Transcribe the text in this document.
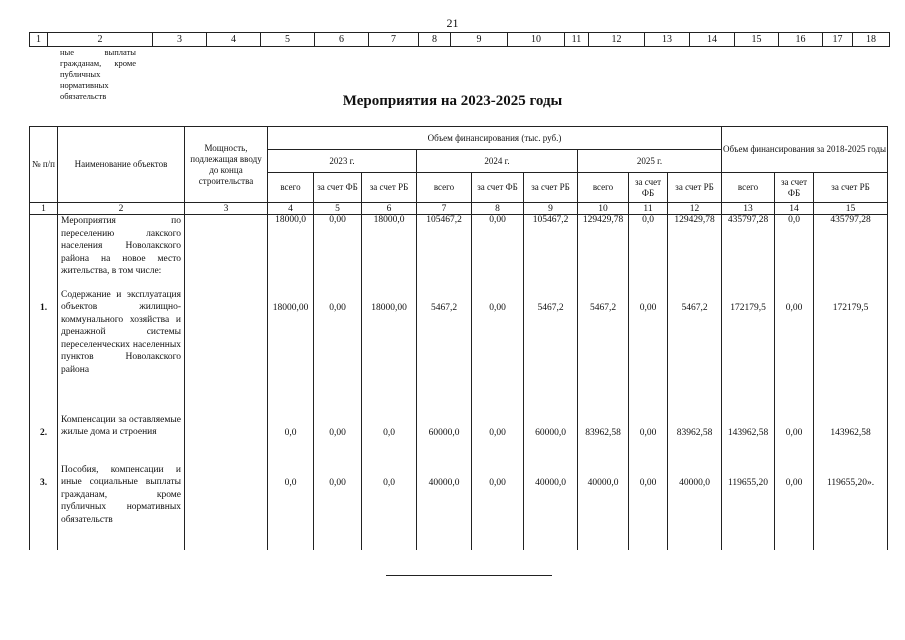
21
1	2	3	4	5	6	7	8	9	10	11	12	13	14	15	16	17	18
ные выплаты гражданам, кроме публичных нормативных обязательств	Мероприятия на 2023-2025 годы
№ п/п	Наименование объектов	Мощность, подлежащая вводу до конца строительства	Объем финансирования (тыс. руб.)									Объем финансирования за 2018-2025 годы		
			2023 г.			2024 г.			2025 г.					
			всего	за счет ФБ	за счет РБ	всего	за счет ФБ	за счет РБ	всего	за счет ФБ	за счет РБ	всего	за счет ФБ	за счет РБ
1	2	3	4	5	6	7	8	9	10	11	12	13	14	15
	Мероприятия по переселению лакского населения Новолакского района на новое место жительства, в том числе:		18000,0	0,00	18000,0	105467,2	0,00	105467,2	129429,78	0,0	129429,78	435797,28	0,0	435797,28

1.	Содержание и эксплуатация объектов жилищно-коммунального хозяйства и дренажной системы переселенческих населенных пунктов Новолакского района		18000,00	0,00	18000,00	5467,2	0,00	5467,2	5467,2	0,00	5467,2	172179,5	0,00	172179,5

2.	Компенсации за оставляемые жилые дома и строения		0,0	0,00	0,0	60000,0	0,00	60000,0	83962,58	0,00	83962,58	143962,58	0,00	143962,58

3.	Пособия, компенсации и иные социальные выплаты гражданам, кроме публичных нормативных обязательств		0,0	0,00	0,0	40000,0	0,00	40000,0	40000,0	0,00	40000,0	119655,20	0,00	119655,20».
